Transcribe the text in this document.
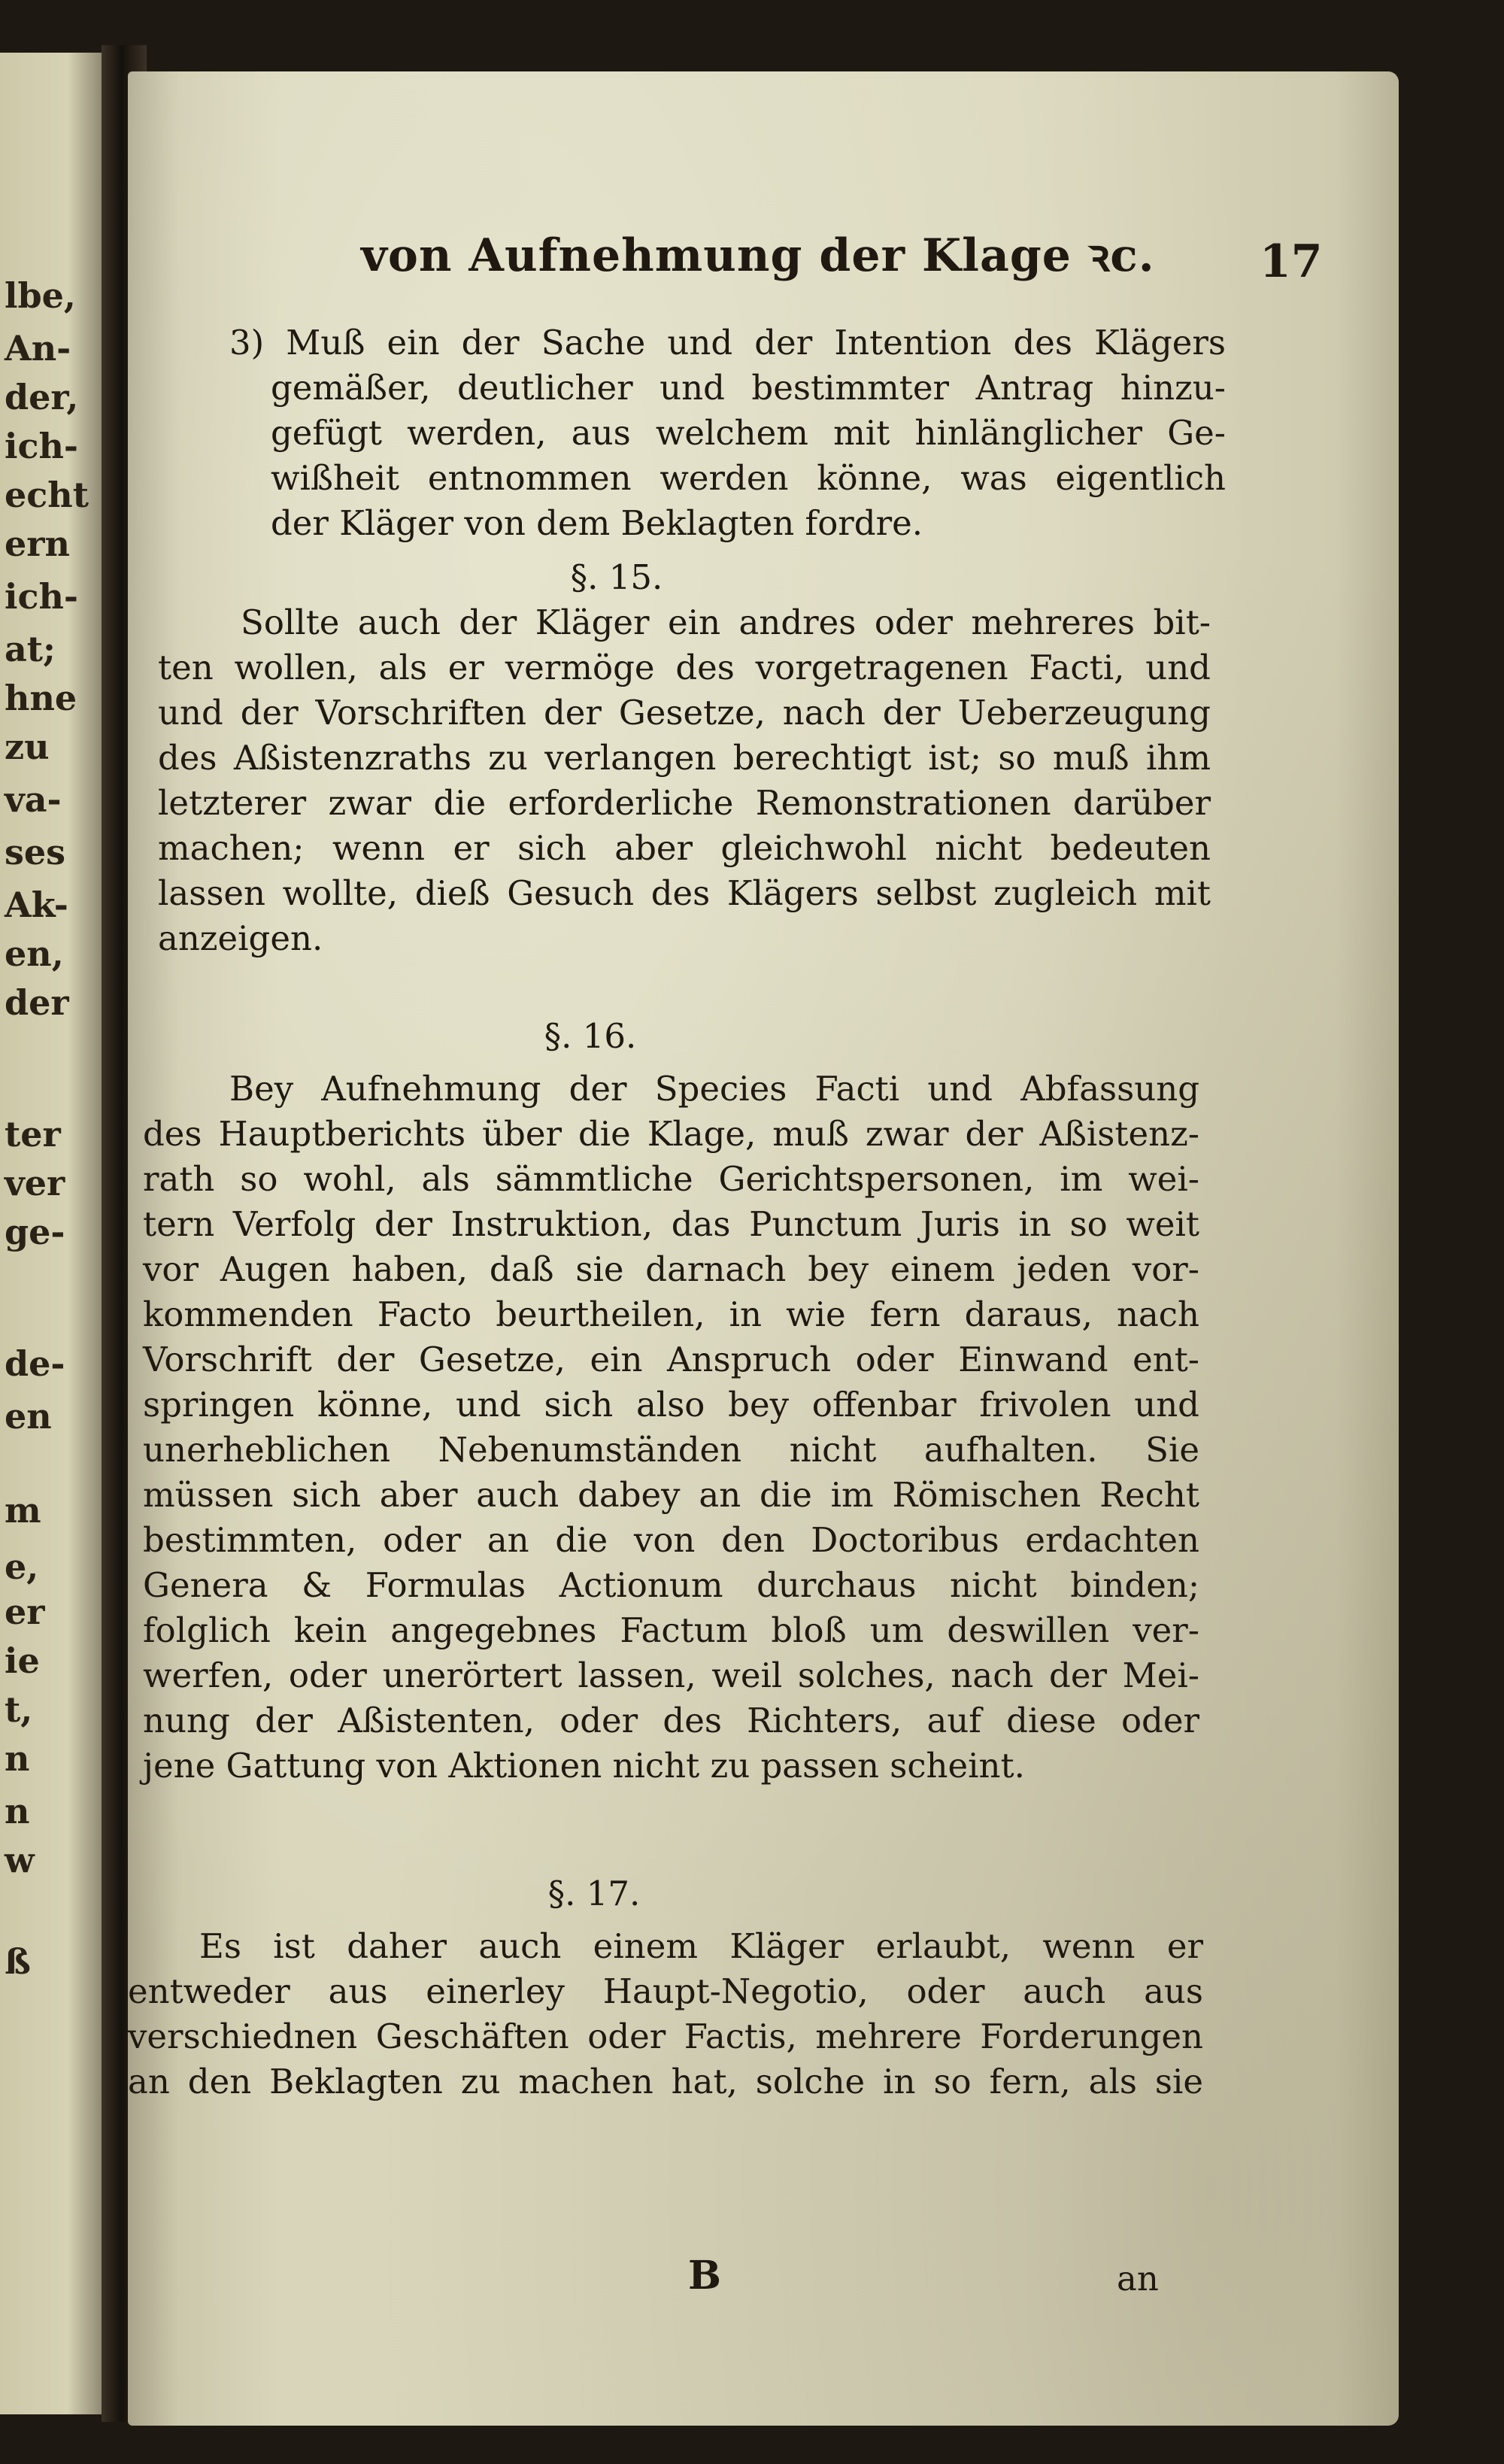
lbe,
An-
der,
ich-
echt
ern
ich-
at;
hne
zu
va-
ses
Ak-
en,
der
ter
ver
ge-
de-
en
m
e,
er
ie
t,
n
n
w
ß
von Aufnehmung der Klage ꝛc.	17
3) Muß ein der Sache und der Intention des Klägers
gemäßer, deutlicher und bestimmter Antrag hinzu-
gefügt werden, aus welchem mit hinlänglicher Ge-
wißheit entnommen werden könne, was eigentlich
der Kläger von dem Beklagten fordre.
§. 15.
Sollte auch der Kläger ein andres oder mehreres bit-
ten wollen, als er vermöge des vorgetragenen Facti, und
und der Vorschriften der Gesetze, nach der Ueberzeugung
des Aßistenzraths zu verlangen berechtigt ist; so muß ihm
letzterer zwar die erforderliche Remonstrationen darüber
machen; wenn er sich aber gleichwohl nicht bedeuten
lassen wollte, dieß Gesuch des Klägers selbst zugleich mit
anzeigen.
§. 16.
Bey Aufnehmung der Species Facti und Abfassung
des Hauptberichts über die Klage, muß zwar der Aßistenz-
rath so wohl, als sämmtliche Gerichtspersonen, im wei-
tern Verfolg der Instruktion, das Punctum Juris in so weit
vor Augen haben, daß sie darnach bey einem jeden vor-
kommenden Facto beurtheilen, in wie fern daraus, nach
Vorschrift der Gesetze, ein Anspruch oder Einwand ent-
springen könne, und sich also bey offenbar frivolen und
unerheblichen Nebenumständen nicht aufhalten. Sie
müssen sich aber auch dabey an die im Römischen Recht
bestimmten, oder an die von den Doctoribus erdachten
Genera & Formulas Actionum durchaus nicht binden;
folglich kein angegebnes Factum bloß um deswillen ver-
werfen, oder unerörtert lassen, weil solches, nach der Mei-
nung der Aßistenten, oder des Richters, auf diese oder
jene Gattung von Aktionen nicht zu passen scheint.
§. 17.
Es ist daher auch einem Kläger erlaubt, wenn er
entweder aus einerley Haupt-Negotio, oder auch aus
verschiednen Geschäften oder Factis, mehrere Forderungen
an den Beklagten zu machen hat, solche in so fern, als sie
B	an
